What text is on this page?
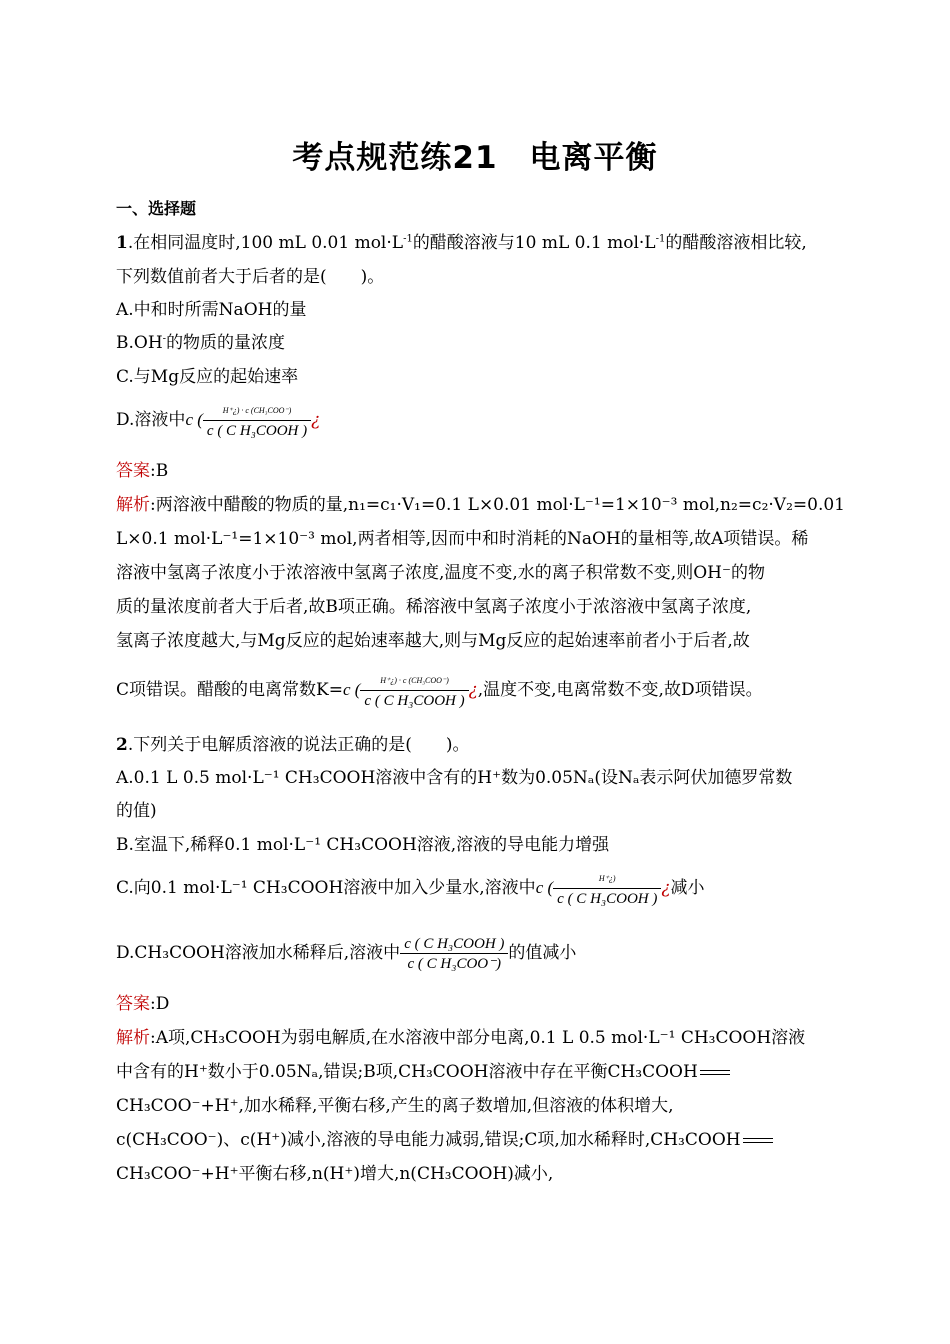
考点规范练21　电离平衡
一、选择题
1.在相同温度时,100 mL 0.01 $mol\cdot L^{-1}$的醋酸溶液与10 mL 0.1 $mol\cdot L^{-1}$的醋酸溶液相比较,
下列数值前者大于后者的是(　　)。
A.中和时所需NaOH的量
B.OH-的物质的量浓度
C.与Mg反应的起始速率
D.溶液中c ( $\frac{\text{H⁺¿) · c (CH₃COO⁻)}}{\text{c ( C H₃COOH )}}$ ¿
答案:B
解析:两溶液中醋酸的物质的量,n₁=c₁·V₁=0.1 L×0.01 mol·L⁻¹=1×10⁻³ mol,n₂=c₂·V₂=0.01
L×0.1 mol·L⁻¹=1×10⁻³ mol,两者相等,因而中和时消耗的NaOH的量相等,故A项错误。稀
溶液中氢离子浓度小于浓溶液中氢离子浓度,温度不变,水的离子积常数不变,则OH⁻的物
质的量浓度前者大于后者,故B项正确。稀溶液中氢离子浓度小于浓溶液中氢离子浓度,
氢离子浓度越大,与Mg反应的起始速率越大,则与Mg反应的起始速率前者小于后者,故
C项错误。醋酸的电离常数K=c ( $\frac{\text{H⁺¿) · c (CH₃COO⁻)}}{\text{c ( C H₃COOH )}}$ ¿,温度不变,电离常数不变,故D项错误。
2.下列关于电解质溶液的说法正确的是(　　)。
A.0.1 L 0.5 mol·L⁻¹ CH₃COOH溶液中含有的H⁺数为0.05Nₐ(设Nₐ表示阿伏加德罗常数
的值)
B.室温下,稀释0.1 mol·L⁻¹ CH₃COOH溶液,溶液的导电能力增强
C.向0.1 mol·L⁻¹ CH₃COOH溶液中加入少量水,溶液中c ( $\frac{H^+¿)}{\text{c ( C H₃COOH )}}$ ¿减小
D.CH₃COOH溶液加水稀释后,溶液中 $\frac{\text{c ( C H₃COOH )}}{\text{c ( C H₃COO⁻)}}$ 的值减小
答案:D
解析:A项,CH₃COOH为弱电解质,在水溶液中部分电离,0.1 L 0.5 mol·L⁻¹ CH₃COOH溶液
中含有的H⁺数小于0.05Nₐ,错误;B项,CH₃COOH溶液中存在平衡CH₃COOH
CH₃COO⁻+H⁺,加水稀释,平衡右移,产生的离子数增加,但溶液的体积增大,
c(CH₃COO⁻)、c(H⁺)减小,溶液的导电能力减弱,错误;C项,加水稀释时,CH₃COOH
CH₃COO⁻+H⁺平衡右移,n(H⁺)增大,n(CH₃COOH)减小,
